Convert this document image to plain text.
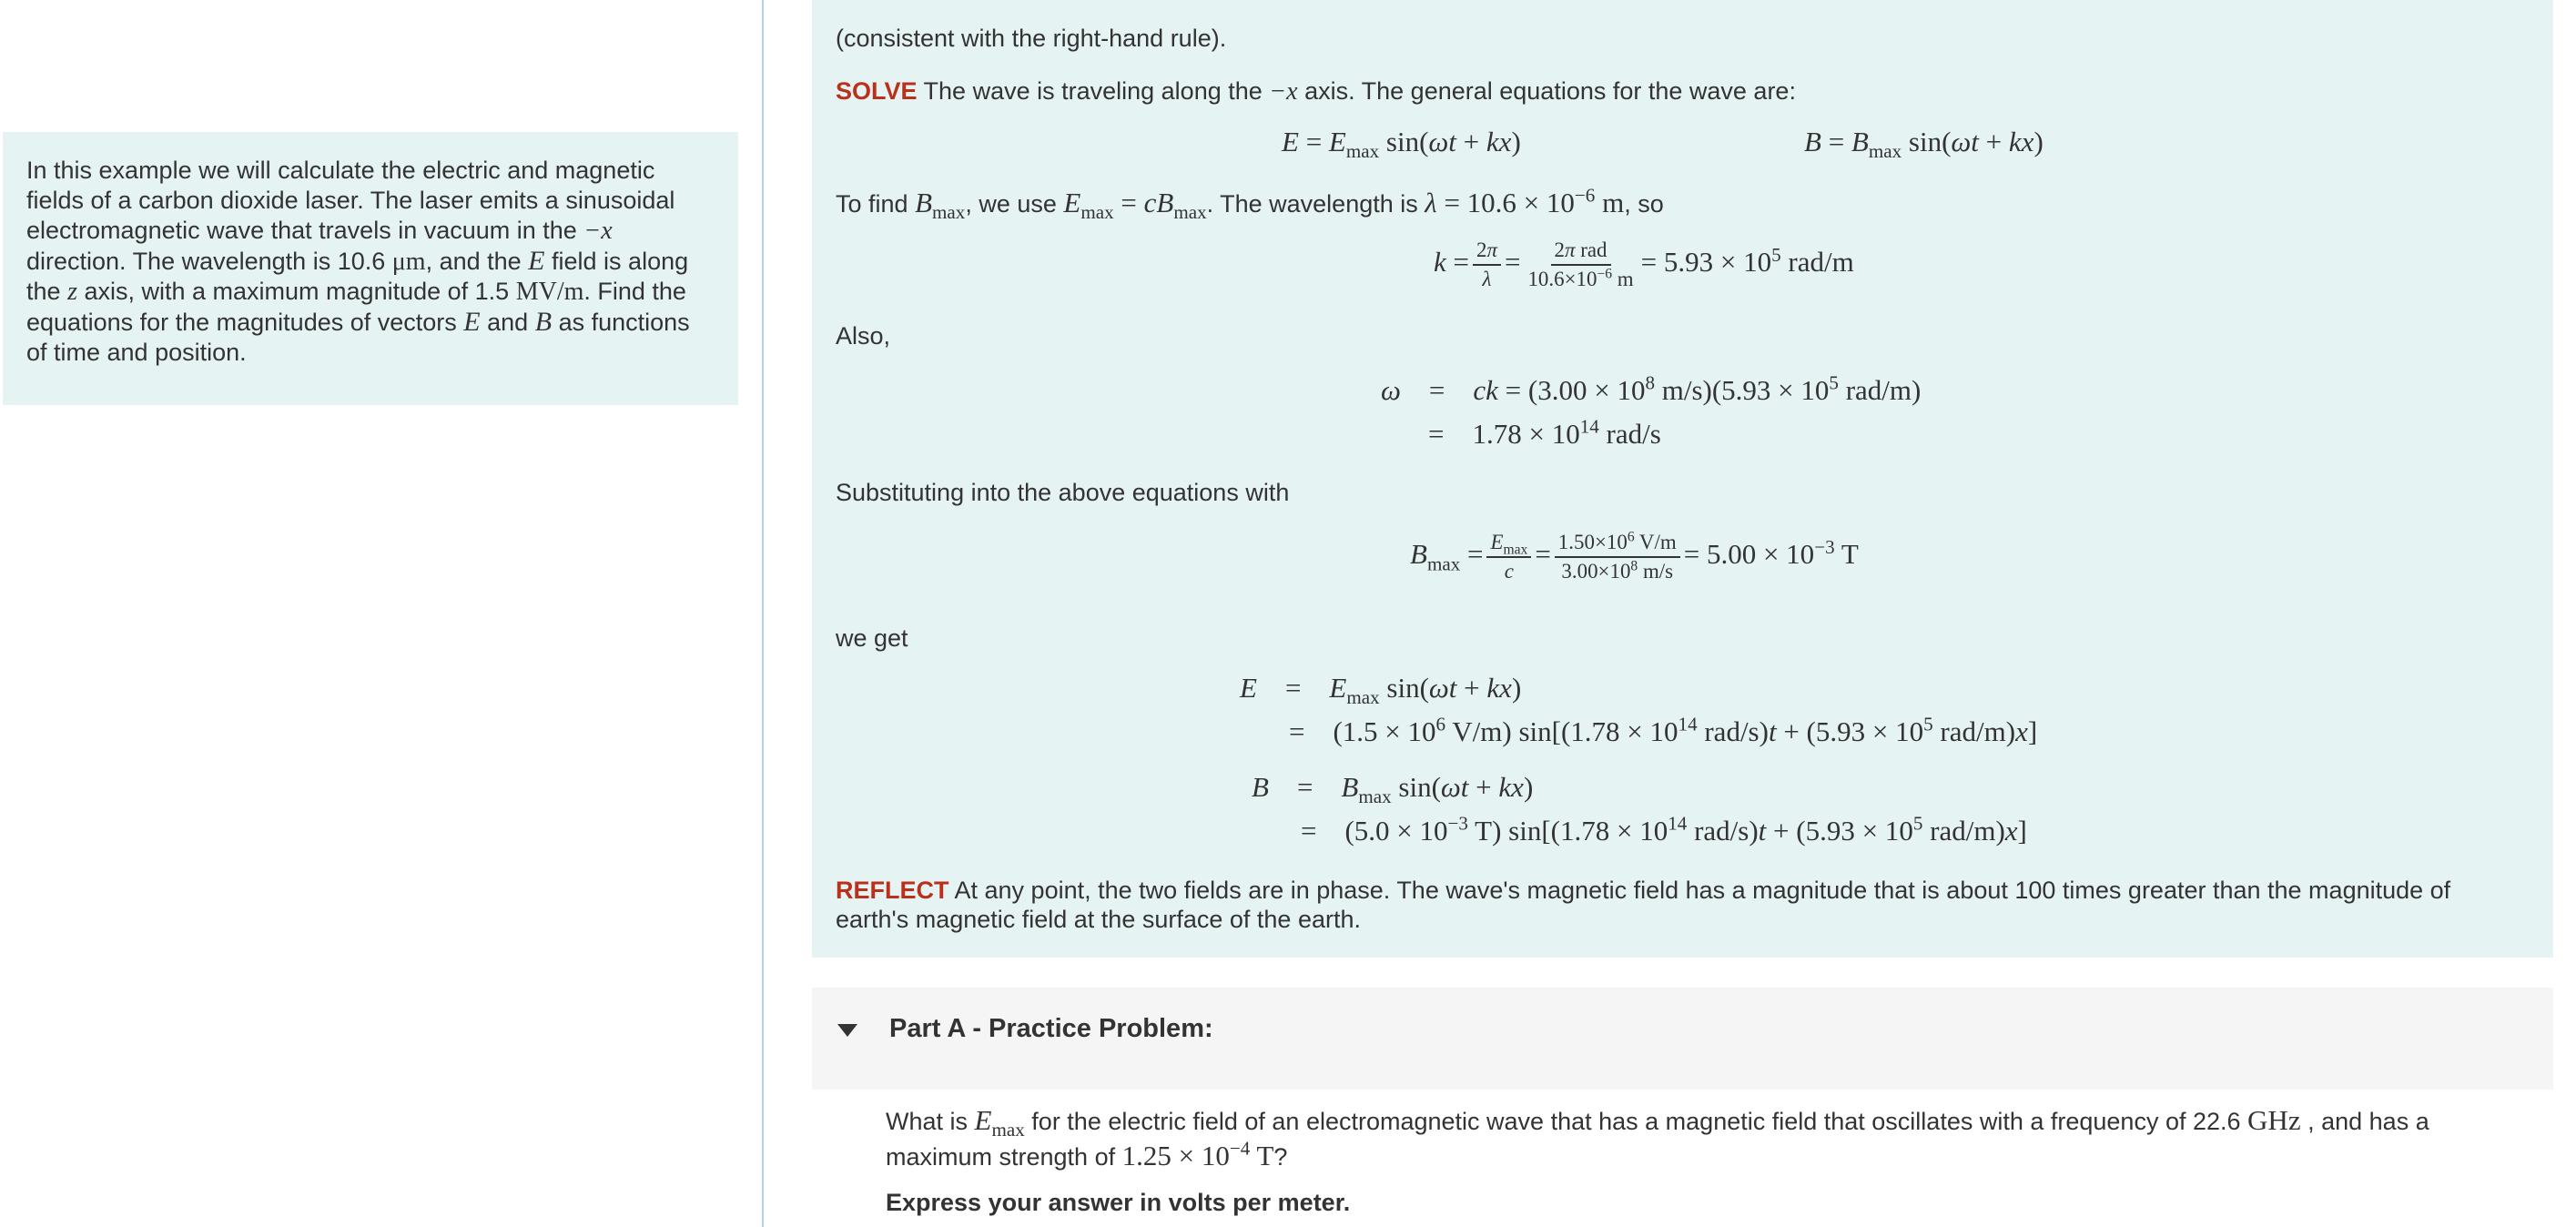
In this example we will calculate the electric and magnetic fields of a carbon dioxide laser. The laser emits a sinusoidal electromagnetic wave that travels in vacuum in the −x direction. The wavelength is 10.6 μm, and the E field is along the z axis, with a maximum magnitude of 1.5 MV/m. Find the equations for the magnitudes of vectors E and B as functions of time and position.
(consistent with the right-hand rule).
SOLVE The wave is traveling along the −x axis. The general equations for the wave are:
$E = E_{max}$ sin(ωt + kx)	$B = B_{max}$ sin(ωt + kx)
To find $B_{max}$, we use $E_{max} = cB_{max}$. The wavelength is $\lambda = 10.6 \times 10^{-6}$ m, so
$k = \frac{2\pi}{\lambda} = \frac{\text{2π rad}}{10.6\times 10^{-6} m} = 5.93 \times 10^5$ rad/m
Also,
ω    =    ck = ($3.00 \times 10^8$ $m/s)(5.93 \times 10^5$ rad/m)
=    $1.78 \times 10^{14}$ rad/s
Substituting into the above equations with
$B_{max} = \frac{E_{max}}{c} = \frac{1.50\times 10^6 V/m}{3.00\times 10^8 m/s} = 5.00 \times 10^{-3}$ T
we get
E    =    $E_{max}$ sin(ωt + kx)
=    ($1.5 \times 10^6$ V/m) $\sin[(1.78 \times 10^{14}$ $rad/s)t + (5.93 \times 10^5$ rad/m)x]
B    =    $B_{max}$ sin(ωt + kx)
=    ($5.0 \times 10^{-3}$ T) $\sin[(1.78 \times 10^{14}$ $rad/s)t + (5.93 \times 10^5$ rad/m)x]
REFLECT At any point, the two fields are in phase. The wave's magnetic field has a magnitude that is about 100 times greater than the magnitude of earth's magnetic field at the surface of the earth.
Part A - Practice Problem:
What is $E_{max}$ for the electric field of an electromagnetic wave that has a magnetic field that oscillates with a frequency of 22.6 GHz , and has a maximum strength of $1.25 \times 10^{-4}$ T?
Express your answer in volts per meter.
